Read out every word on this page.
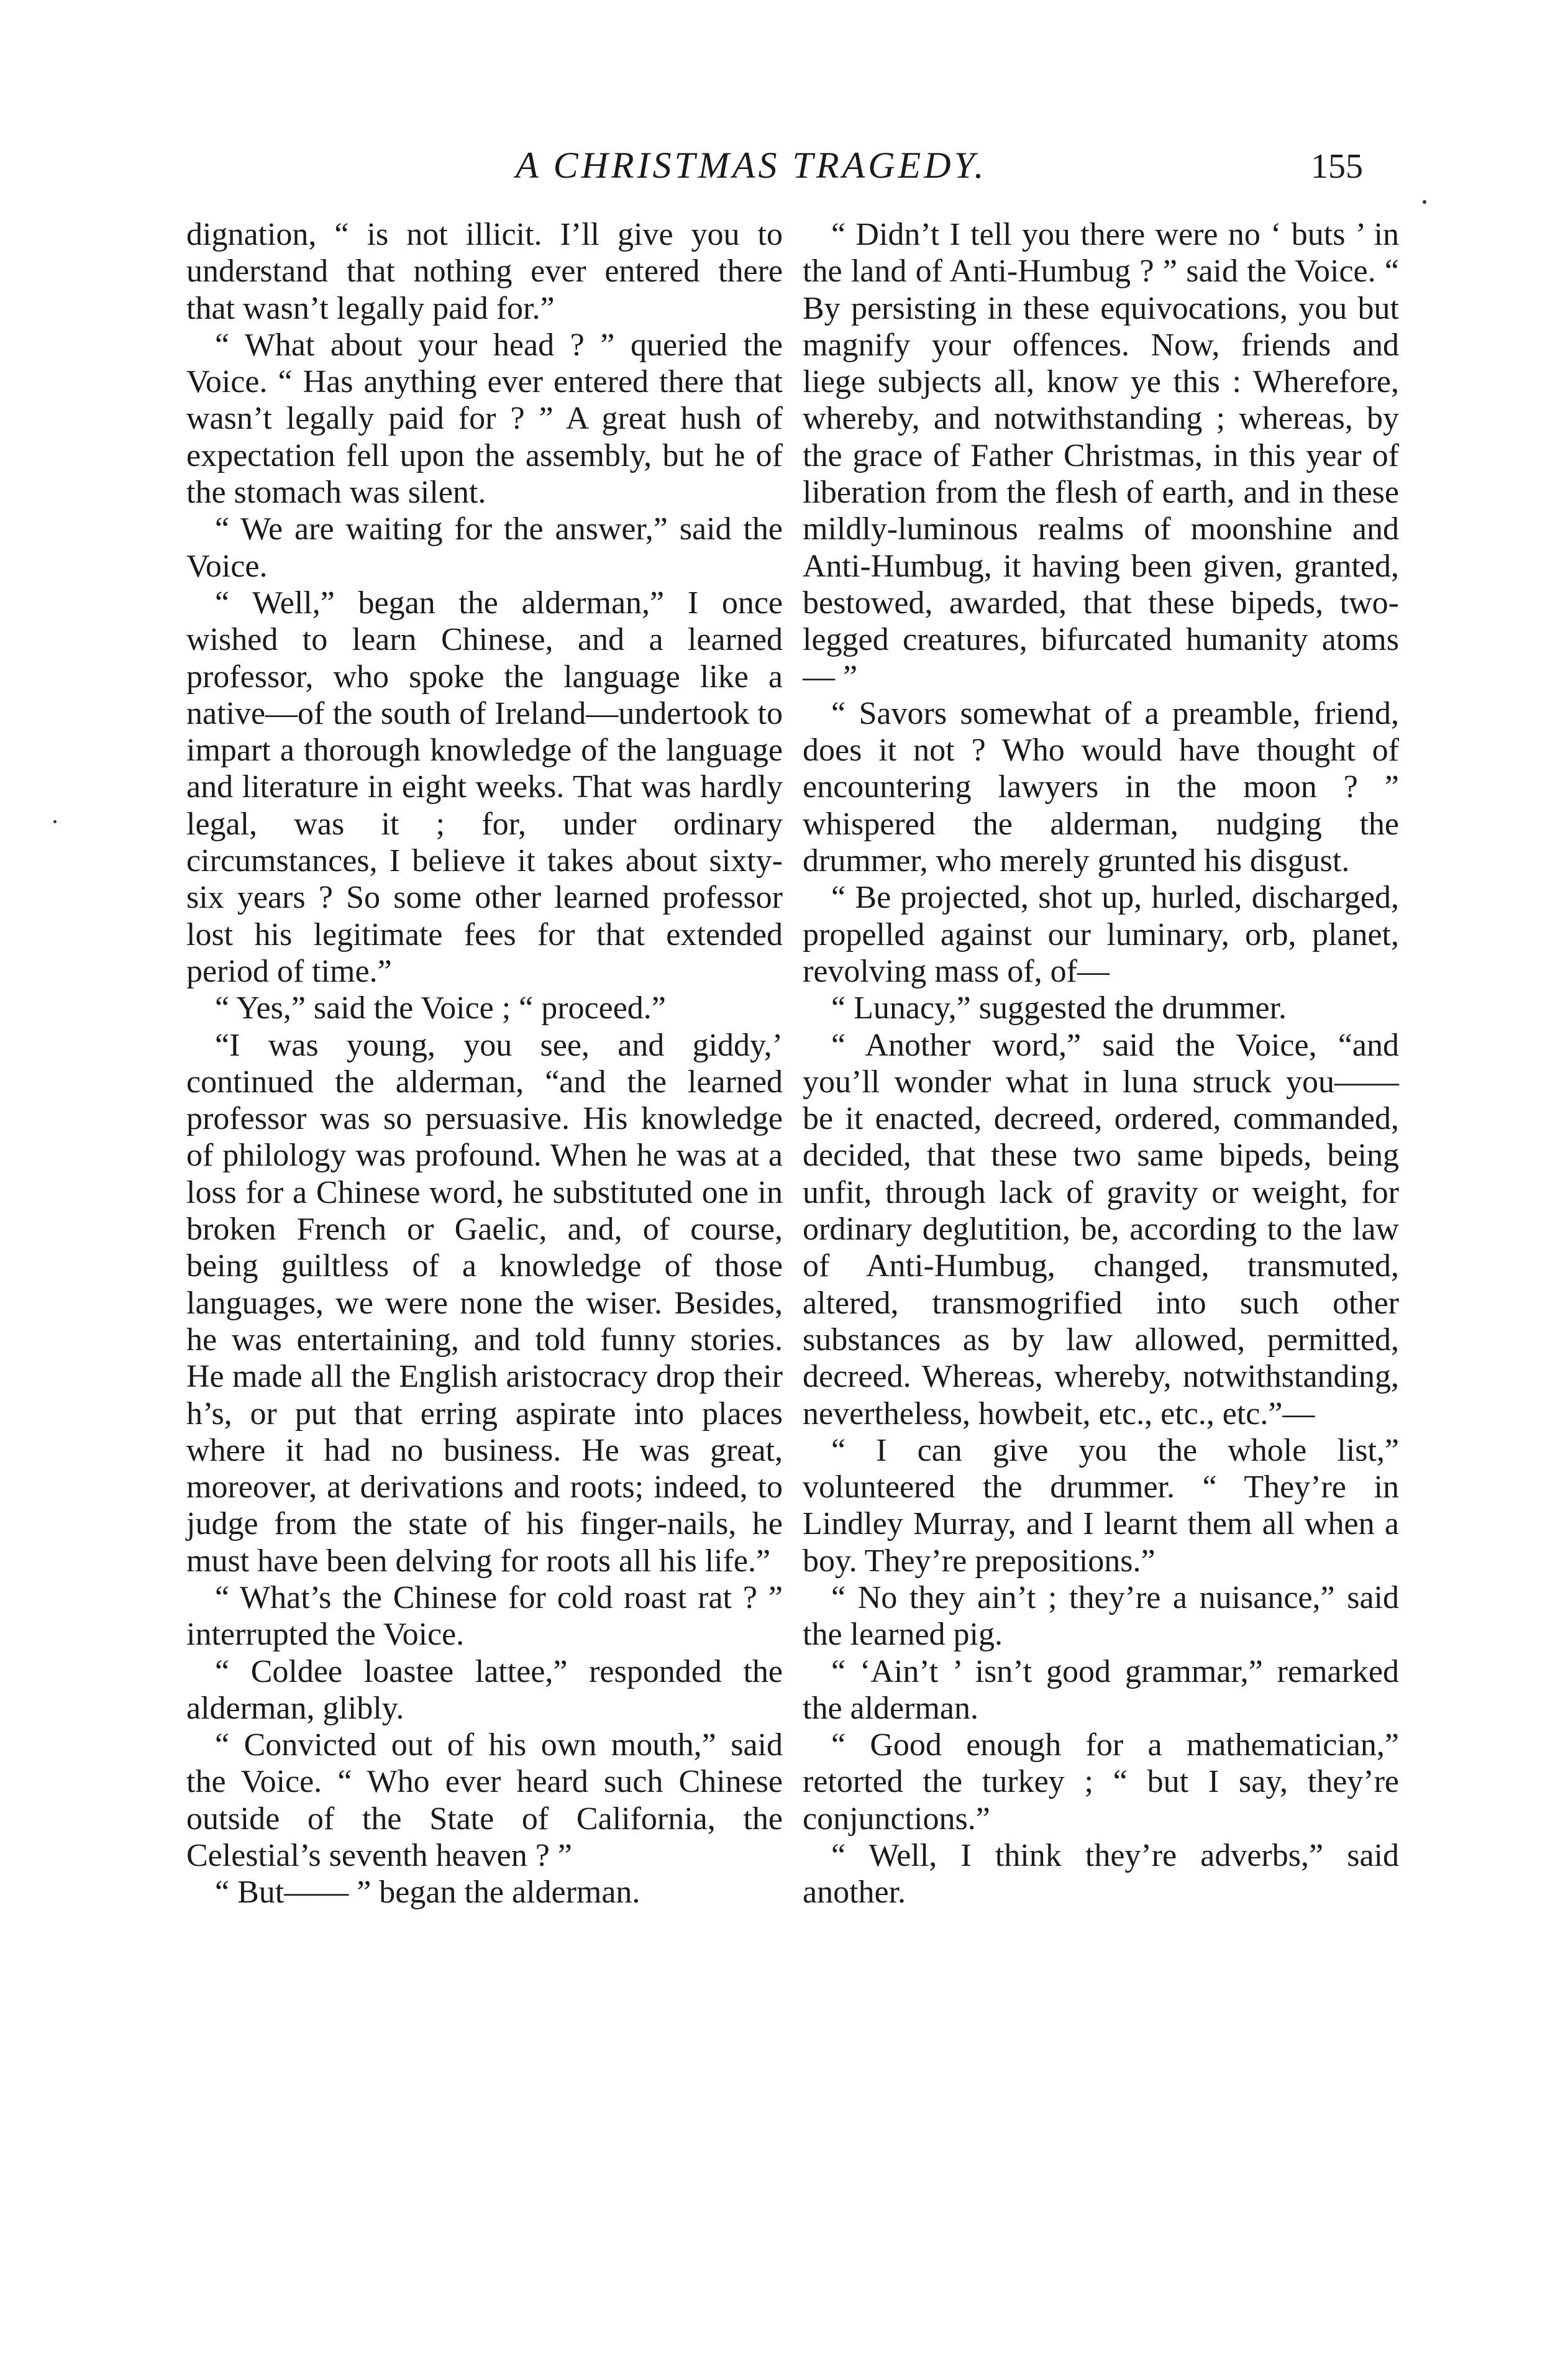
A CHRISTMAS TRAGEDY.	155

dignation, “ is not illicit. I’ll give you to understand that nothing ever entered there that wasn’t legally paid for.”

“ What about your head ? ” queried the Voice. “ Has anything ever entered there that wasn’t legally paid for ? ” A great hush of expectation fell upon the assembly, but he of the stomach was silent.

“ We are waiting for the answer,” said the Voice.

“ Well,” began the alderman,” I once wished to learn Chinese, and a learned professor, who spoke the language like a native—of the south of Ireland—undertook to impart a thorough knowledge of the language and literature in eight weeks. That was hardly legal, was it ; for, under ordinary circumstances, I believe it takes about sixty-six years ? So some other learned professor lost his legitimate fees for that extended period of time.”

“ Yes,” said the Voice ; “ proceed.”

“I was young, you see, and giddy,’ continued the alderman, “and the learned professor was so persuasive. His knowledge of philology was profound. When he was at a loss for a Chinese word, he substituted one in broken French or Gaelic, and, of course, being guiltless of a knowledge of those languages, we were none the wiser. Besides, he was entertaining, and told funny stories. He made all the English aristocracy drop their h’s, or put that erring aspirate into places where it had no business. He was great, moreover, at derivations and roots; indeed, to judge from the state of his finger-nails, he must have been delving for roots all his life.”

“ What’s the Chinese for cold roast rat ? ” interrupted the Voice.

“ Coldee loastee lattee,” responded the alderman, glibly.

“ Convicted out of his own mouth,” said the Voice. “ Who ever heard such Chinese outside of the State of California, the Celestial’s seventh heaven ? ”

“ But—— ” began the alderman.

“ Didn’t I tell you there were no ‘ buts ’ in the land of Anti-Humbug ? ” said the Voice. “ By persisting in these equivocations, you but magnify your offences. Now, friends and liege subjects all, know ye this : Wherefore, whereby, and notwithstanding ; whereas, by the grace of Father Christmas, in this year of liberation from the flesh of earth, and in these mildly-luminous realms of moonshine and Anti-Humbug, it having been given, granted, bestowed, awarded, that these bipeds, two-legged creatures, bifurcated humanity atoms— ”

“ Savors somewhat of a preamble, friend, does it not ? Who would have thought of encountering lawyers in the moon ? ” whispered the alderman, nudging the drummer, who merely grunted his disgust.

“ Be projected, shot up, hurled, discharged, propelled against our luminary, orb, planet, revolving mass of, of—

“ Lunacy,” suggested the drummer.

“ Another word,” said the Voice, “and you’ll wonder what in luna struck you—— be it enacted, decreed, ordered, commanded, decided, that these two same bipeds, being unfit, through lack of gravity or weight, for ordinary deglutition, be, according to the law of Anti-Humbug, changed, transmuted, altered, transmogrified into such other substances as by law allowed, permitted, decreed. Whereas, whereby, notwithstanding, nevertheless, howbeit, etc., etc., etc.”—

“ I can give you the whole list,” volunteered the drummer. “ They’re in Lindley Murray, and I learnt them all when a boy. They’re prepositions.”

“ No they ain’t ; they’re a nuisance,” said the learned pig.

“ ‘Ain’t ’ isn’t good grammar,” remarked the alderman.

“ Good enough for a mathematician,” retorted the turkey ; “ but I say, they’re conjunctions.”

“ Well, I think they’re adverbs,” said another.
